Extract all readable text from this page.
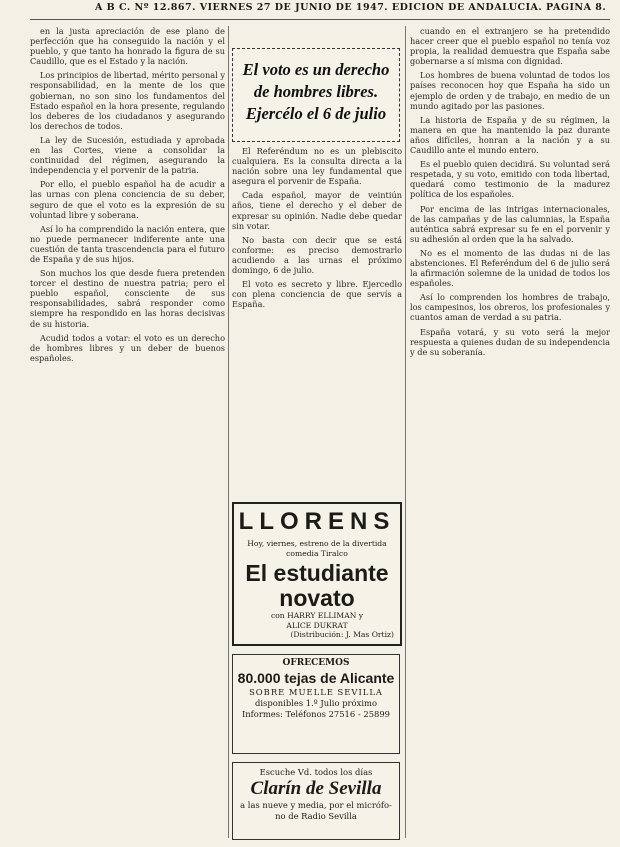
A B C. Nº 12.867. VIERNES 27 DE JUNIO DE 1947. EDICION DE ANDALUCIA. PAGINA 8.

en la justa apreciación de ese plano de perfección que ha conseguido la nación y el pueblo, y que tanto ha honrado la figura de su Caudillo, que es el Estado y la nación.

Los principios de libertad, mérito personal y responsabilidad, en la mente de los que gobiernan, no son sino los fundamentos del Estado español en la hora presente, regulando los deberes de los ciudadanos y asegurando los derechos de todos.

La ley de Sucesión, estudiada y aprobada en las Cortes, viene a consolidar la continuidad del régimen, asegurando la independencia y el porvenir de la patria.

Por ello, el pueblo español ha de acudir a las urnas con plena conciencia de su deber, seguro de que el voto es la expresión de su voluntad libre y soberana.

Así lo ha comprendido la nación entera, que no puede permanecer indiferente ante una cuestión de tanta trascendencia para el futuro de España y de sus hijos.

Son muchos los que desde fuera pretenden torcer el destino de nuestra patria; pero el pueblo español, consciente de sus responsabilidades, sabrá responder como siempre ha respondido en las horas decisivas de su historia.

Acudid todos a votar: el voto es un derecho de hombres libres y un deber de buenos españoles.

El voto es un derecho
de hombres libres.
Ejercélo el 6 de julio

El Referéndum no es un plebiscito cualquiera. Es la consulta directa a la nación sobre una ley fundamental que asegura el porvenir de España.

Cada español, mayor de veintiún años, tiene el derecho y el deber de expresar su opinión. Nadie debe quedar sin votar.

No basta con decir que se está conforme: es preciso demostrarlo acudiendo a las urnas el próximo domingo, 6 de julio.

El voto es secreto y libre. Ejercedlo con plena conciencia de que servís a España.

LLORENS
Hoy, viernes, estreno de la divertida
comedia Tiralco
El estudiante
novato
con HARRY ELLIMAN y
ALICE DUKRAT
(Distribución: J. Mas Ortiz)
OFRECEMOS
80.000 tejas de Alicante
SOBRE MUELLE SEVILLA
disponibles 1.º Julio próximo
Informes: Teléfonos 27516 - 25899
Escuche Vd. todos los días
Clarín de Sevilla
a las nueve y media, por el micrófo-
no de Radio Sevilla

cuando en el extranjero se ha pretendido hacer creer que el pueblo español no tenía voz propia, la realidad demuestra que España sabe gobernarse a sí misma con dignidad.

Los hombres de buena voluntad de todos los países reconocen hoy que España ha sido un ejemplo de orden y de trabajo, en medio de un mundo agitado por las pasiones.

La historia de España y de su régimen, la manera en que ha mantenido la paz durante años difíciles, honran a la nación y a su Caudillo ante el mundo entero.

Es el pueblo quien decidirá. Su voluntad será respetada, y su voto, emitido con toda libertad, quedará como testimonio de la madurez política de los españoles.

Por encima de las intrigas internacionales, de las campañas y de las calumnias, la España auténtica sabrá expresar su fe en el porvenir y su adhesión al orden que la ha salvado.

No es el momento de las dudas ni de las abstenciones. El Referéndum del 6 de julio será la afirmación solemne de la unidad de todos los españoles.

Así lo comprenden los hombres de trabajo, los campesinos, los obreros, los profesionales y cuantos aman de verdad a su patria.

España votará, y su voto será la mejor respuesta a quienes dudan de su independencia y de su soberanía.
